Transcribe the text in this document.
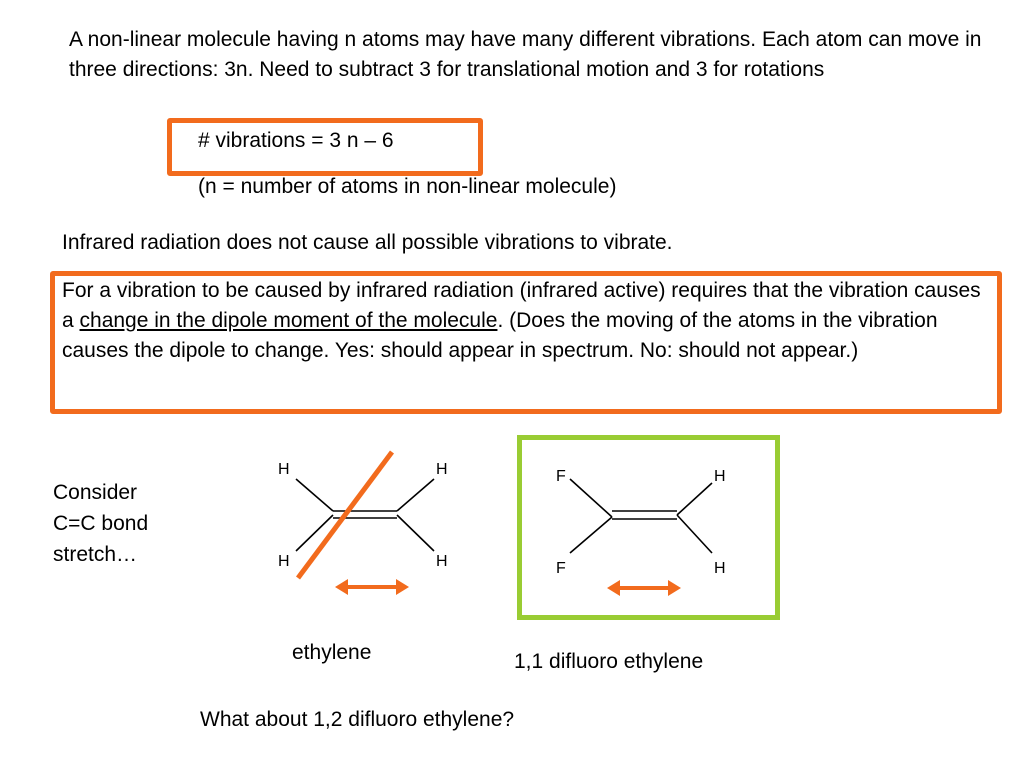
A non-linear molecule having n atoms may have many different vibrations. Each atom can move in three directions: 3n. Need to subtract 3 for translational motion and 3 for rotations
# vibrations = 3 n – 6
(n = number of atoms in non-linear molecule)
Infrared radiation does not cause all possible vibrations to vibrate.
For a vibration to be caused by infrared radiation (infrared active) requires that the vibration causes a change in the dipole moment of the molecule. (Does the moving of the atoms in the vibration causes the dipole to change. Yes: should appear in spectrum. No: should not appear.)
Consider
C=C bond
stretch…
H	H
H	H
F	H
F	H
ethylene	1,1 difluoro ethylene
What about 1,2 difluoro ethylene?
